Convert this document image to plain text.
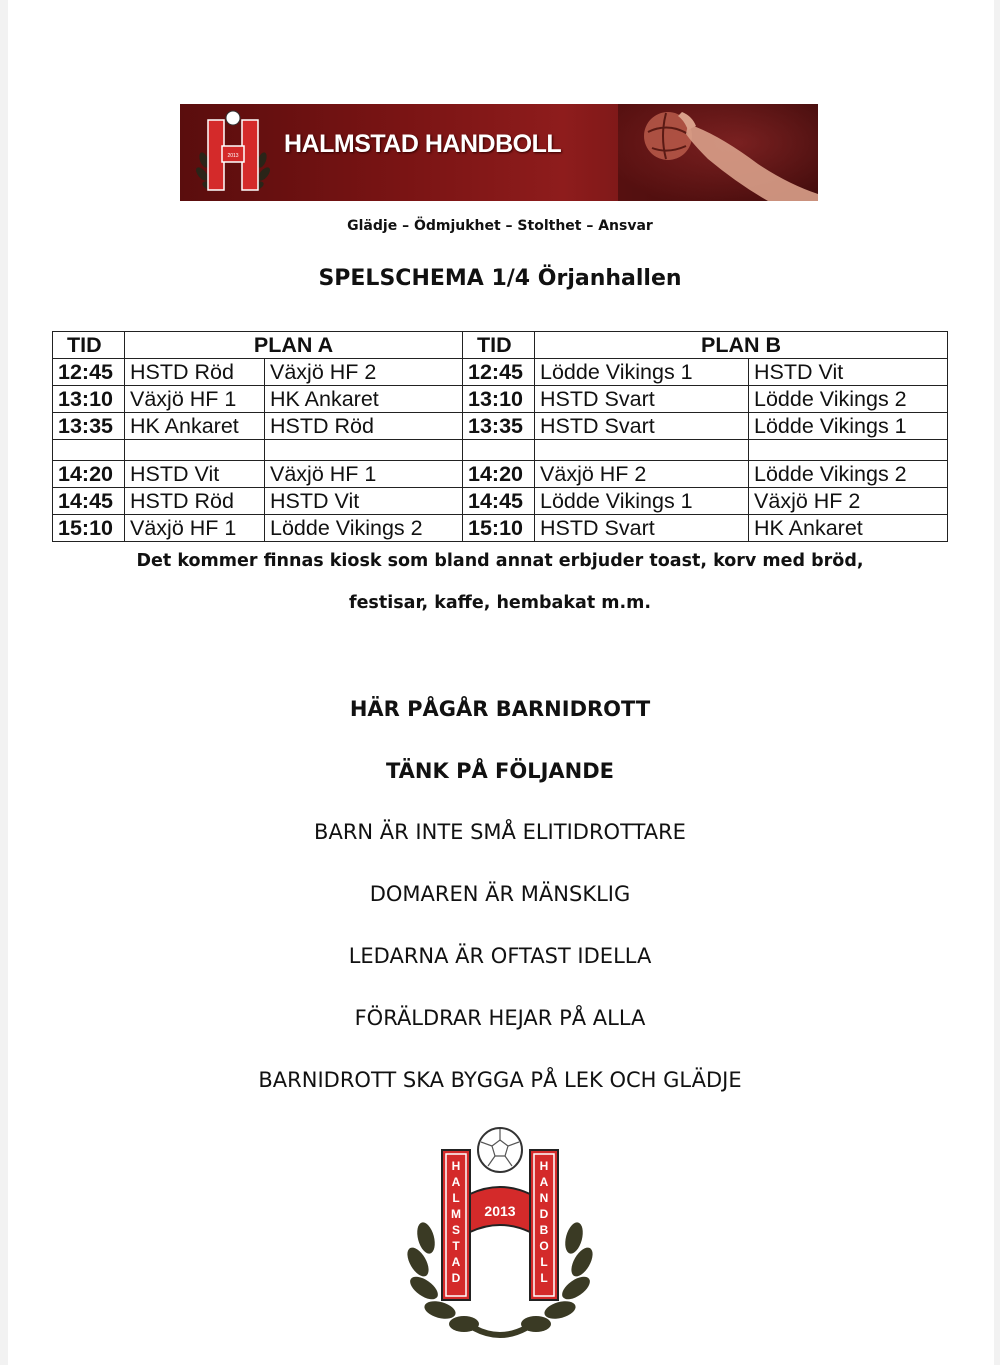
2013 HALMSTAD HANDBOLL
Glädje – Ödmjukhet – Stolthet – Ansvar
SPELSCHEMA 1/4 Örjanhallen
TID	PLAN A		TID	PLAN B	
12:45	HSTD Röd	Växjö HF 2	12:45	Lödde Vikings 1	HSTD Vit
13:10	Växjö HF 1	HK Ankaret	13:10	HSTD Svart	Lödde Vikings 2
13:35	HK Ankaret	HSTD Röd	13:35	HSTD Svart	Lödde Vikings 1

14:20	HSTD Vit	Växjö HF 1	14:20	Växjö HF 2	Lödde Vikings 2
14:45	HSTD Röd	HSTD Vit	14:45	Lödde Vikings 1	Växjö HF 2
15:10	Växjö HF 1	Lödde Vikings 2	15:10	HSTD Svart	HK Ankaret
Det kommer finnas kiosk som bland annat erbjuder toast, korv med bröd,
festisar, kaffe, hembakat m.m.
HÄR PÅGÅR BARNIDROTT
TÄNK PÅ FÖLJANDE
BARN ÄR INTE SMÅ ELITIDROTTARE
DOMAREN ÄR MÄNSKLIG
LEDARNA ÄR OFTAST IDELLA
FÖRÄLDRAR HEJAR PÅ ALLA
BARNIDROTT SKA BYGGA PÅ LEK OCH GLÄDJE
H
A
L
M
S
T
A
D
H
A
N
D
B
O
L
L
2013
